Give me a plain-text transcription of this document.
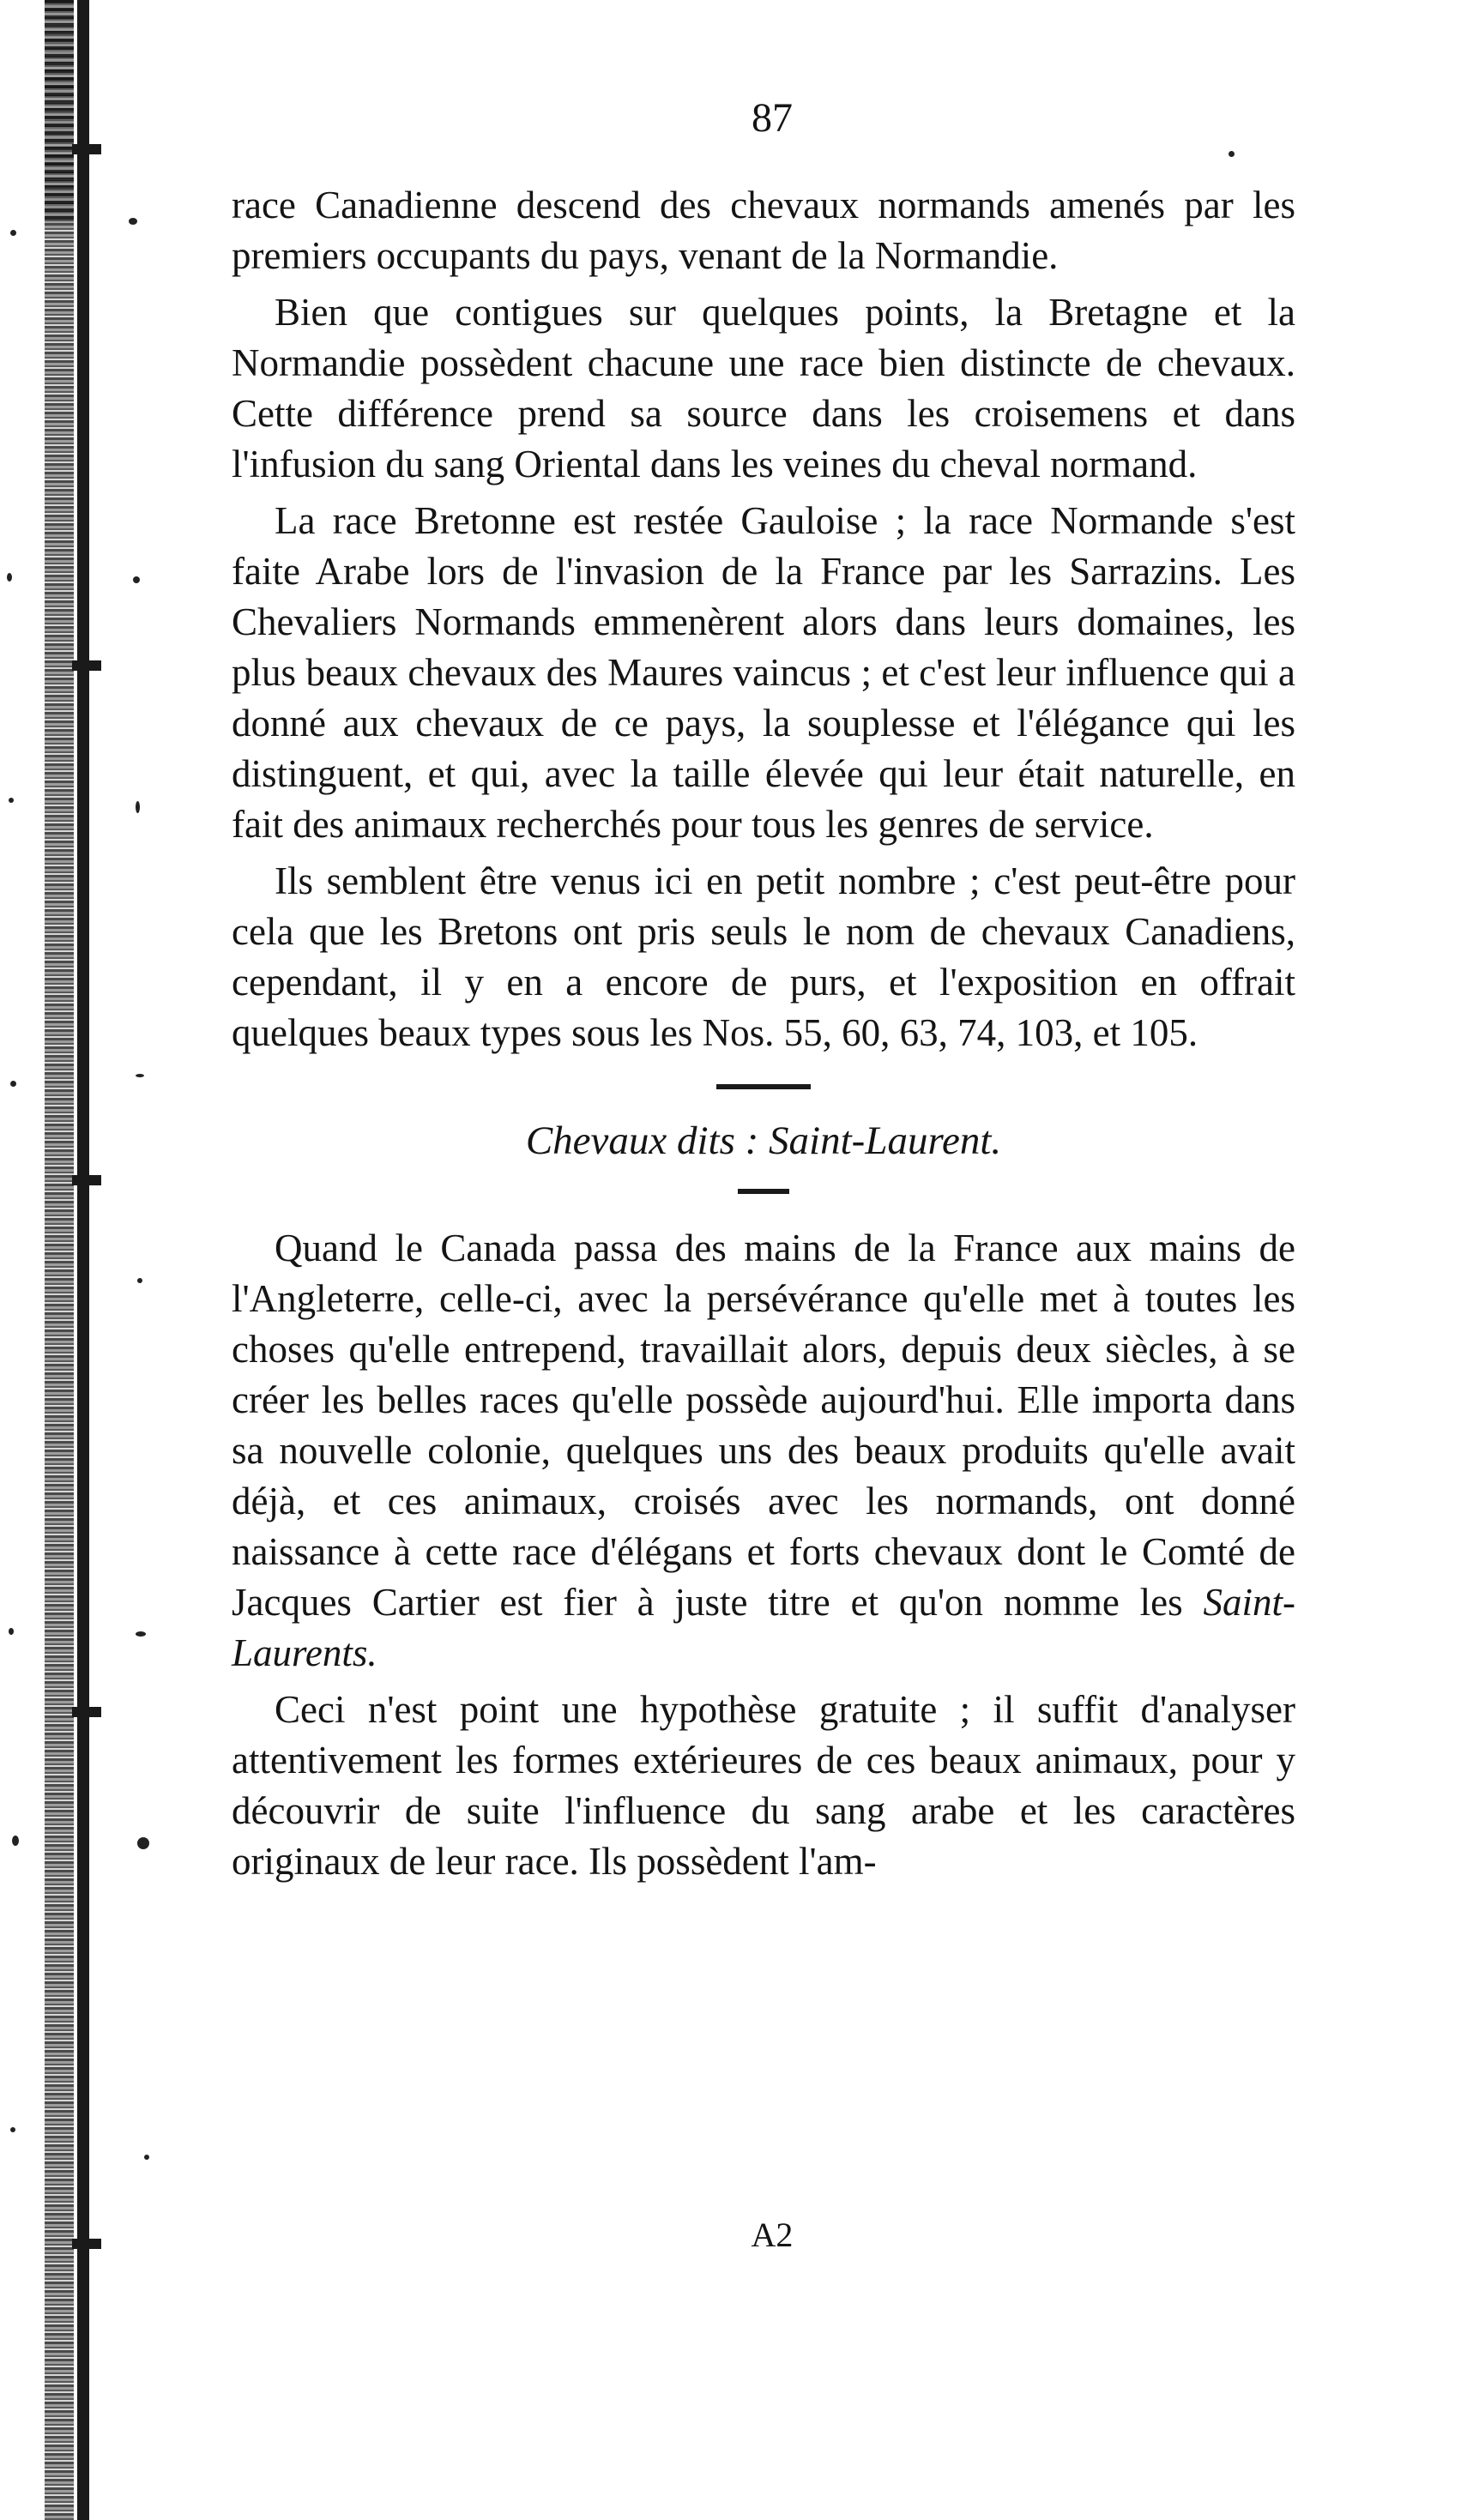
87

race Canadienne descend des chevaux normands amenés par les premiers occupants du pays, venant de la Normandie.

Bien que contigues sur quelques points, la Bretagne et la Normandie possèdent chacune une race bien distincte de chevaux. Cette différence prend sa source dans les croisemens et dans l'infusion du sang Oriental dans les veines du cheval normand.

La race Bretonne est restée Gauloise ; la race Normande s'est faite Arabe lors de l'invasion de la France par les Sarrazins. Les Chevaliers Normands emmenèrent alors dans leurs domaines, les plus beaux chevaux des Maures vaincus ; et c'est leur influence qui a donné aux chevaux de ce pays, la souplesse et l'élégance qui les distinguent, et qui, avec la taille élevée qui leur était naturelle, en fait des animaux recherchés pour tous les genres de service.

Ils semblent être venus ici en petit nombre ; c'est peut-être pour cela que les Bretons ont pris seuls le nom de chevaux Canadiens, cependant, il y en a encore de purs, et l'exposition en offrait quelques beaux types sous les Nos. 55, 60, 63, 74, 103, et 105.

Chevaux dits : Saint-Laurent.

Quand le Canada passa des mains de la France aux mains de l'Angleterre, celle-ci, avec la persévérance qu'elle met à toutes les choses qu'elle entrepend, travaillait alors, depuis deux siècles, à se créer les belles races qu'elle possède aujourd'hui. Elle importa dans sa nouvelle colonie, quelques uns des beaux produits qu'elle avait déjà, et ces animaux, croisés avec les normands, ont donné naissance à cette race d'élégans et forts chevaux dont le Comté de Jacques Cartier est fier à juste titre et qu'on nomme les Saint-Laurents.

Ceci n'est point une hypothèse gratuite ; il suffit d'analyser attentivement les formes extérieures de ces beaux animaux, pour y découvrir de suite l'influence du sang arabe et les caractères originaux de leur race. Ils possèdent l'am-

A2
